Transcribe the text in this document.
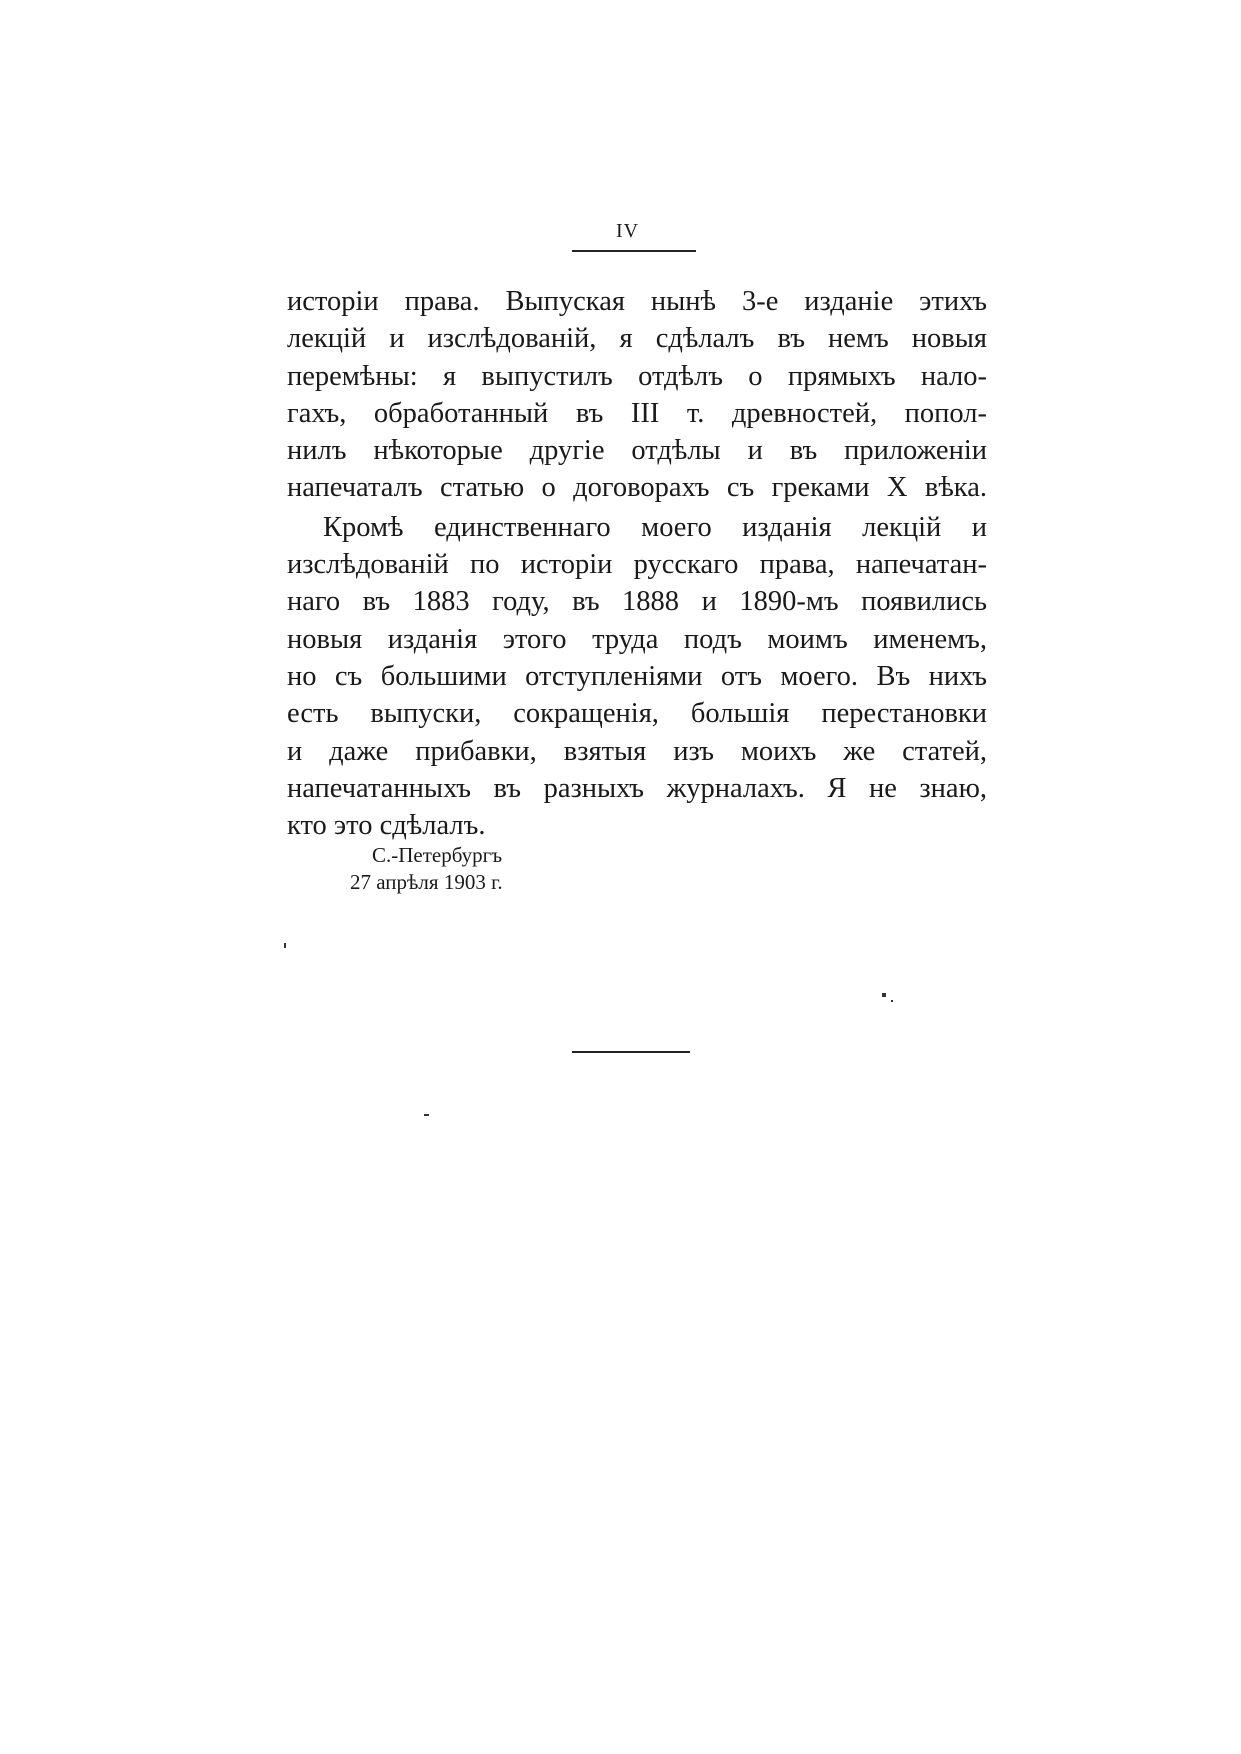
IV
исторіи права. Выпуская нынѣ 3-е изданіе этихъ
лекцій и изслѣдованій, я сдѣлалъ въ немъ новыя
перемѣны: я выпустилъ отдѣлъ о прямыхъ нало-
гахъ, обработанный въ III т. древностей, попол-
нилъ нѣкоторые другіе отдѣлы и въ приложеніи
напечаталъ статью о договорахъ съ греками X вѣка.
Кромѣ единственнаго моего изданія лекцій и
изслѣдованій по исторіи русскаго права, напечатан-
наго въ 1883 году, въ 1888 и 1890-мъ появились
новыя изданія этого труда подъ моимъ именемъ,
но съ большими отступленіями отъ моего. Въ нихъ
есть выпуски, сокращенія, большія перестановки
и даже прибавки, взятыя изъ моихъ же статей,
напечатанныхъ въ разныхъ журналахъ. Я не знаю,
кто это сдѣлалъ.
С.-Петербургъ
27 апрѣля 1903 г.
